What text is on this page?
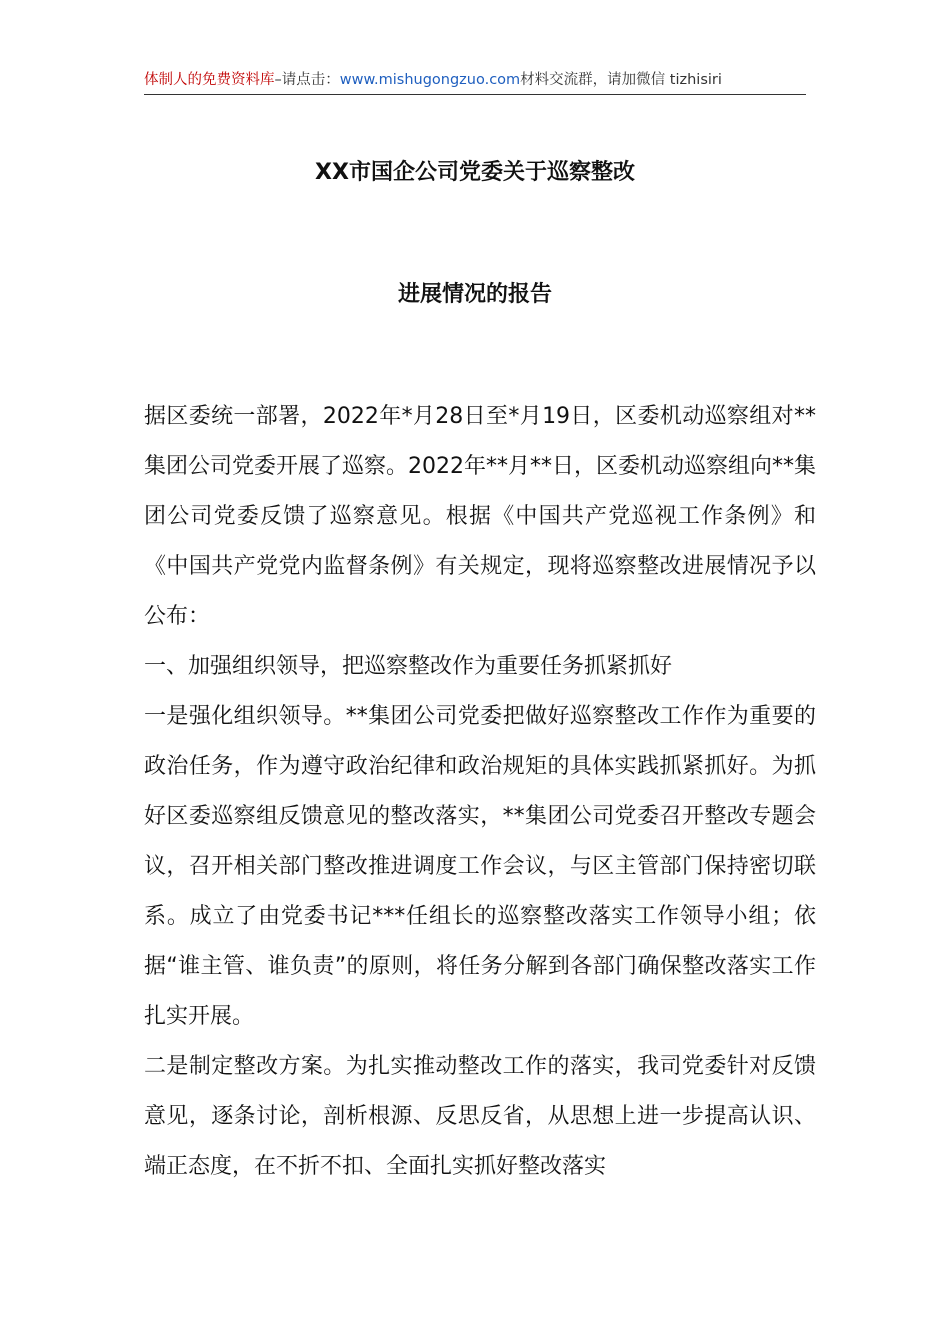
体制人的免费资料库–请点击：www.mishugongzuo.com材料交流群，请加微信 tizhisiri
XX市国企公司党委关于巡察整改
进展情况的报告

据区委统一部署，2022年*月28日至*月19日，区委机动巡察组对**集团公司党委开展了巡察。2022年**月**日，区委机动巡察组向**集团公司党委反馈了巡察意见。根据《中国共产党巡视工作条例》和《中国共产党党内监督条例》有关规定，现将巡察整改进展情况予以公布：

一、加强组织领导，把巡察整改作为重要任务抓紧抓好

一是强化组织领导。**集团公司党委把做好巡察整改工作作为重要的政治任务，作为遵守政治纪律和政治规矩的具体实践抓紧抓好。为抓好区委巡察组反馈意见的整改落实，**集团公司党委召开整改专题会议，召开相关部门整改推进调度工作会议，与区主管部门保持密切联系。成立了由党委书记***任组长的巡察整改落实工作领导小组；依据“谁主管、谁负责”的原则，将任务分解到各部门确保整改落实工作扎实开展。

二是制定整改方案。为扎实推动整改工作的落实，我司党委针对反馈意见，逐条讨论，剖析根源、反思反省，从思想上进一步提高认识、端正态度，在不折不扣、全面扎实抓好整改落实
